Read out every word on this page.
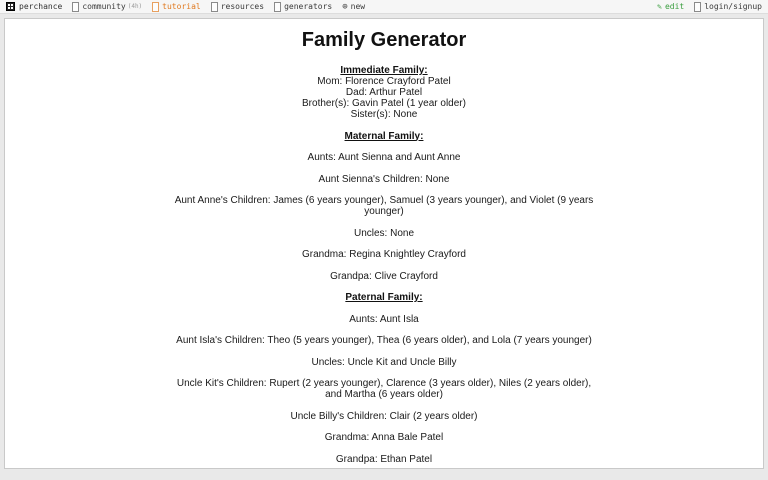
perchance	community (4h)	tutorial	resources	generators ⊕ new	✎ edit	login/signup
Family Generator

Immediate Family:
Mom: Florence Crayford Patel
Dad: Arthur Patel
Brother(s): Gavin Patel (1 year older)
Sister(s): None

Maternal Family:

Aunts: Aunt Sienna and Aunt Anne

Aunt Sienna's Children: None

Aunt Anne's Children: James (6 years younger), Samuel (3 years younger), and Violet (9 years younger)

Uncles: None

Grandma: Regina Knightley Crayford

Grandpa: Clive Crayford

Paternal Family:

Aunts: Aunt Isla

Aunt Isla's Children: Theo (5 years younger), Thea (6 years older), and Lola (7 years younger)

Uncles: Uncle Kit and Uncle Billy

Uncle Kit's Children: Rupert (2 years younger), Clarence (3 years older), Niles (2 years older), and Martha (6 years older)

Uncle Billy's Children: Clair (2 years older)

Grandma: Anna Bale Patel

Grandpa: Ethan Patel
